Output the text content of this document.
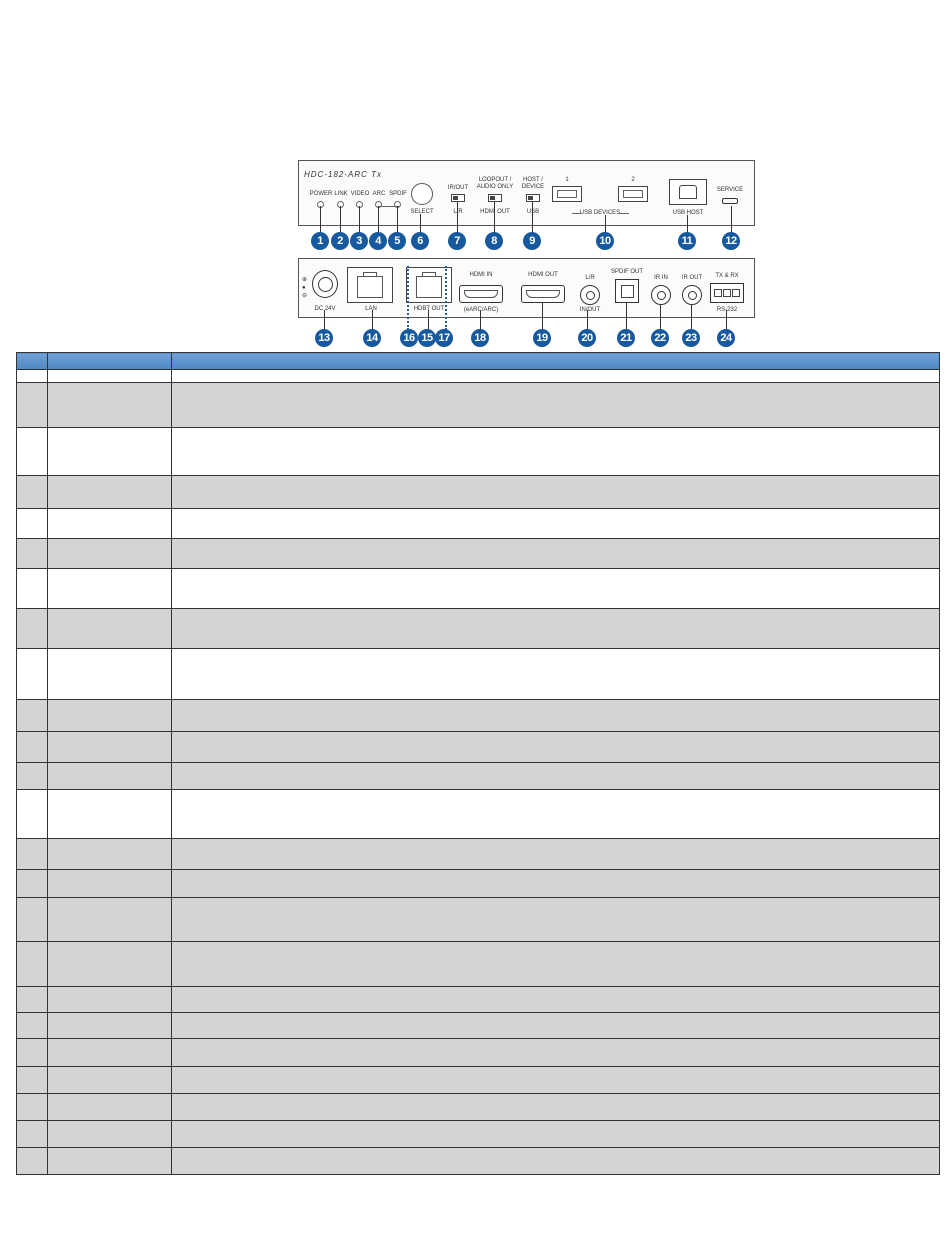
HDC-182-ARC Tx
POWER LINK VIDEO ARC SPDIF
SELECT
IR/OUT
L/R
LOOPOUT /
AUDIO ONLY
HDMI OUT
HOST /
DEVICE
USB
1	2
USB DEVICES	USB HOST
SERVICE
1	2	3	4	5	6	7	8	9	10	11	12
⊕
●
⊖
DC 24V	LAN	HDBT OUT
HDMI IN
(eARC/ARC)
HDMI OUT	L/R
IN/OUT
SPDIF OUT
IR IN IR OUT TX & RX
RS-232
13	14	16 15 17	18	19	20	21	22	23	24
